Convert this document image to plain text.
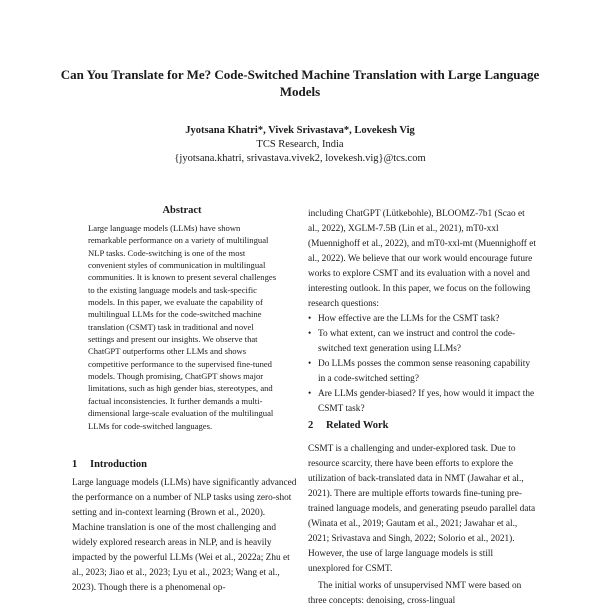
Can You Translate for Me? Code-Switched Machine Translation with Large Language Models
Jyotsana Khatri*, Vivek Srivastava*, Lovekesh Vig
TCS Research, India
{jyotsana.khatri, srivastava.vivek2, lovekesh.vig}@tcs.com
Abstract

Large language models (LLMs) have shown remarkable performance on a variety of multilingual NLP tasks. Code-switching is one of the most convenient styles of communication in multilingual communities. It is known to present several challenges to the existing language models and task-specific models. In this paper, we evaluate the capability of multilingual LLMs for the code-switched machine translation (CSMT) task in traditional and novel settings and present our insights. We observe that ChatGPT outperforms other LLMs and shows competitive performance to the supervised fine-tuned models. Though promising, ChatGPT shows major limitations, such as high gender bias, stereotypes, and factual inconsistencies. It further demands a multi-dimensional large-scale evaluation of the multilingual LLMs for code-switched languages.

1 Introduction

Large language models (LLMs) have significantly advanced the performance on a number of NLP tasks using zero-shot setting and in-context learning (Brown et al., 2020). Machine translation is one of the most challenging and widely explored research areas in NLP, and is heavily impacted by the powerful LLMs (Wei et al., 2022a; Zhu et al., 2023; Jiao et al., 2023; Lyu et al., 2023; Wang et al., 2023). Though there is a phenomenal op-

including ChatGPT (Lütkebohle), BLOOMZ-7b1 (Scao et al., 2022), XGLM-7.5B (Lin et al., 2021), mT0-xxl (Muennighoff et al., 2022), and mT0-xxl-mt (Muennighoff et al., 2022). We believe that our work would encourage future works to explore CSMT and its evaluation with a novel and interesting outlook. In this paper, we focus on the following research questions:

• How effective are the LLMs for the CSMT task?
• To what extent, can we instruct and control the code-switched text generation using LLMs?
• Do LLMs posses the common sense reasoning capability in a code-switched setting?
• Are LLMs gender-biased? If yes, how would it impact the CSMT task?
2 Related Work

CSMT is a challenging and under-explored task. Due to resource scarcity, there have been efforts to explore the utilization of back-translated data in NMT (Jawahar et al., 2021). There are multiple efforts towards fine-tuning pre-trained language models, and generating pseudo parallel data (Winata et al., 2019; Gautam et al., 2021; Jawahar et al., 2021; Srivastava and Singh, 2022; Solorio et al., 2021). However, the use of large language models is still unexplored for CSMT.

The initial works of unsupervised NMT were based on three concepts: denoising, cross-lingual
